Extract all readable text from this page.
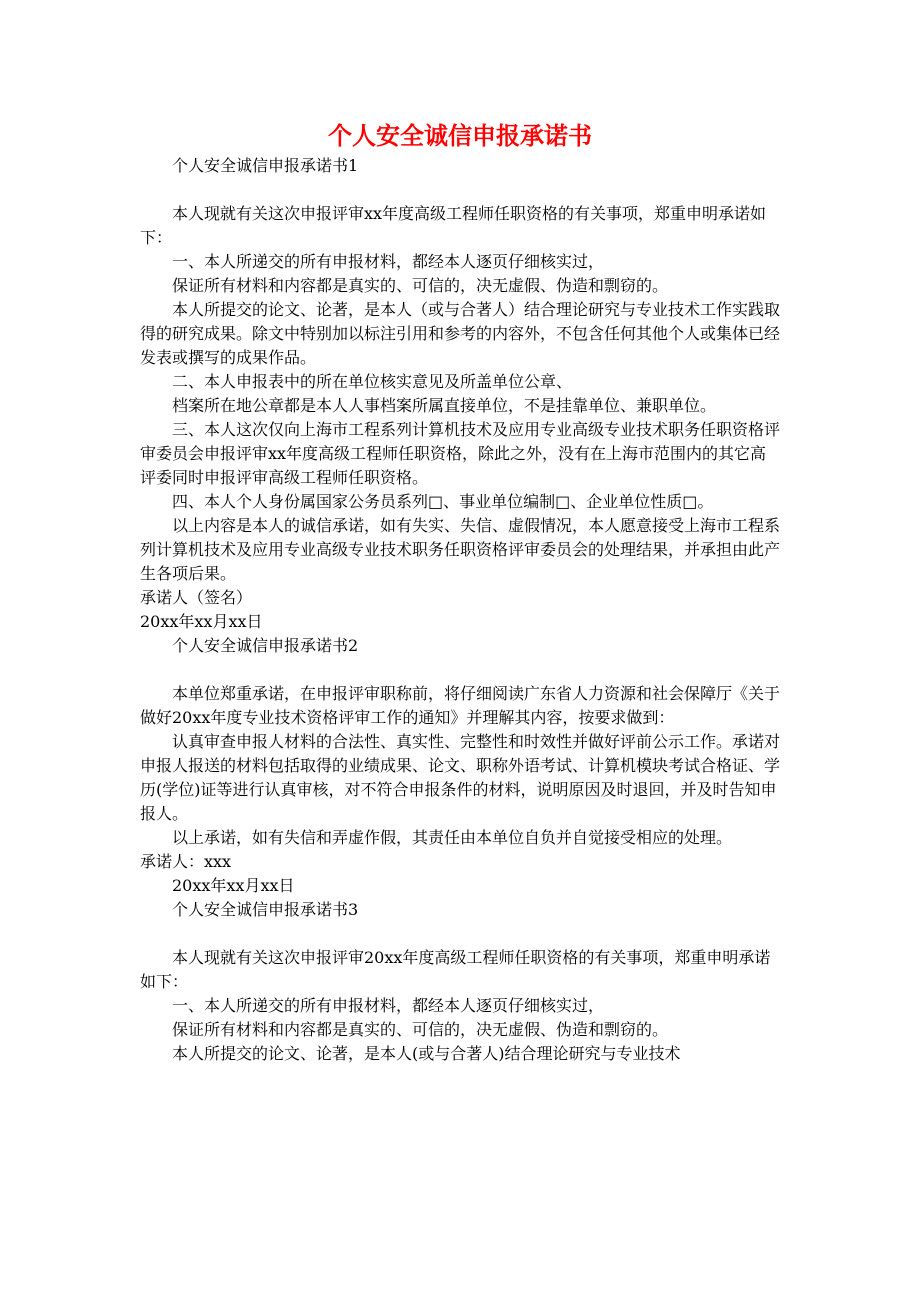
个人安全诚信申报承诺书

个人安全诚信申报承诺书1

本人现就有关这次申报评审xx年度高级工程师任职资格的有关事项，郑重申明承诺如下：

一、本人所递交的所有申报材料，都经本人逐页仔细核实过，

保证所有材料和内容都是真实的、可信的，决无虚假、伪造和剽窃的。

本人所提交的论文、论著，是本人（或与合著人）结合理论研究与专业技术工作实践取得的研究成果。除文中特别加以标注引用和参考的内容外，不包含任何其他个人或集体已经发表或撰写的成果作品。

二、本人申报表中的所在单位核实意见及所盖单位公章、

档案所在地公章都是本人人事档案所属直接单位，不是挂靠单位、兼职单位。

三、本人这次仅向上海市工程系列计算机技术及应用专业高级专业技术职务任职资格评审委员会申报评审xx年度高级工程师任职资格，除此之外，没有在上海市范围内的其它高评委同时申报评审高级工程师任职资格。

四、本人个人身份属国家公务员系列□、事业单位编制□、企业单位性质□。

以上内容是本人的诚信承诺，如有失实、失信、虚假情况，本人愿意接受上海市工程系列计算机技术及应用专业高级专业技术职务任职资格评审委员会的处理结果，并承担由此产生各项后果。

承诺人（签名）

20xx年xx月xx日

个人安全诚信申报承诺书2

本单位郑重承诺，在申报评审职称前，将仔细阅读广东省人力资源和社会保障厅《关于做好20xx年度专业技术资格评审工作的通知》并理解其内容，按要求做到：

认真审查申报人材料的合法性、真实性、完整性和时效性并做好评前公示工作。承诺对申报人报送的材料包括取得的业绩成果、论文、职称外语考试、计算机模块考试合格证、学历(学位)证等进行认真审核，对不符合申报条件的材料，说明原因及时退回，并及时告知申报人。

以上承诺，如有失信和弄虚作假，其责任由本单位自负并自觉接受相应的处理。

承诺人：xxx

20xx年xx月xx日

个人安全诚信申报承诺书3

本人现就有关这次申报评审20xx年度高级工程师任职资格的有关事项，郑重申明承诺如下：

一、本人所递交的所有申报材料，都经本人逐页仔细核实过，

保证所有材料和内容都是真实的、可信的，决无虚假、伪造和剽窃的。

本人所提交的论文、论著，是本人(或与合著人)结合理论研究与专业技术
